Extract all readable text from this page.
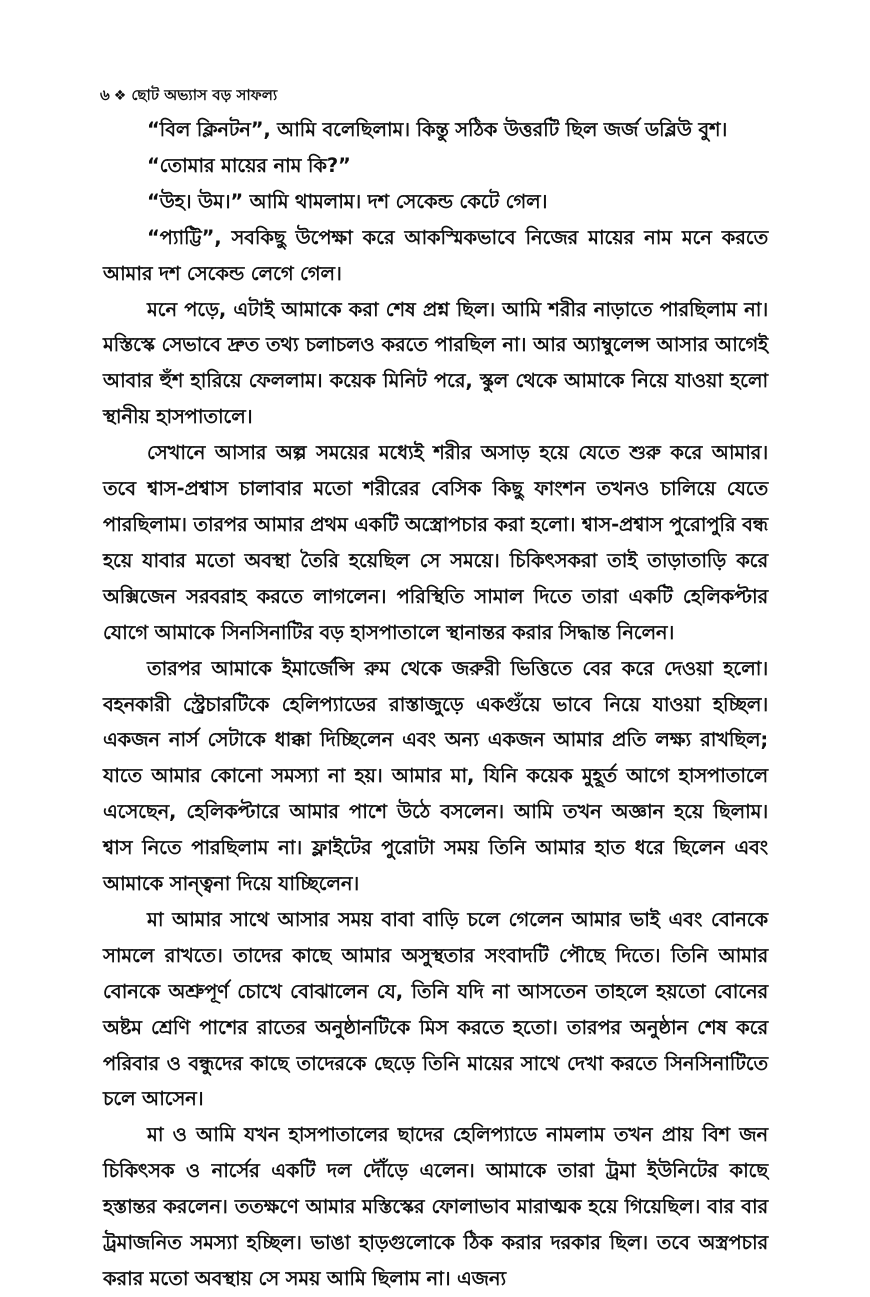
৬ ❖ ছোট অভ্যাস বড় সাফল্য

“বিল ক্লিনটন”, আমি বলেছিলাম। কিন্তু সঠিক উত্তরটি ছিল জর্জ ডব্লিউ বুশ।

“তোমার মায়ের নাম কি?”

“উহ। উম।” আমি থামলাম। দশ সেকেন্ড কেটে গেল।

“প্যাট্টি”, সবকিছু উপেক্ষা করে আকস্মিকভাবে নিজের মায়ের নাম মনে করতে আমার দশ সেকেন্ড লেগে গেল।

মনে পড়ে, এটাই আমাকে করা শেষ প্রশ্ন ছিল। আমি শরীর নাড়াতে পারছিলাম না। মস্তিস্কে সেভাবে দ্রুত তথ্য চলাচলও করতে পারছিল না। আর অ্যাম্বুলেন্স আসার আগেই আবার হুঁশ হারিয়ে ফেললাম। কয়েক মিনিট পরে, স্কুল থেকে আমাকে নিয়ে যাওয়া হলো স্থানীয় হাসপাতালে।

সেখানে আসার অল্প সময়ের মধ্যেই শরীর অসাড় হয়ে যেতে শুরু করে আমার। তবে শ্বাস-প্রশ্বাস চালাবার মতো শরীরের বেসিক কিছু ফাংশন তখনও চালিয়ে যেতে পারছিলাম। তারপর আমার প্রথম একটি অস্ত্রোপচার করা হলো। শ্বাস-প্রশ্বাস পুরোপুরি বন্ধ হয়ে যাবার মতো অবস্থা তৈরি হয়েছিল সে সময়ে। চিকিৎসকরা তাই তাড়াতাড়ি করে অক্সিজেন সরবরাহ করতে লাগলেন। পরিস্থিতি সামাল দিতে তারা একটি হেলিকপ্টার যোগে আমাকে সিনসিনাটির বড় হাসপাতালে স্থানান্তর করার সিদ্ধান্ত নিলেন।

তারপর আমাকে ইমার্জেন্সি রুম থেকে জরুরী ভিত্তিতে বের করে দেওয়া হলো। বহনকারী স্ট্রেচারটিকে হেলিপ্যাডের রাস্তাজুড়ে একগুঁয়ে ভাবে নিয়ে যাওয়া হচ্ছিল। একজন নার্স সেটাকে ধাক্কা দিচ্ছিলেন এবং অন্য একজন আমার প্রতি লক্ষ্য রাখছিল; যাতে আমার কোনো সমস্যা না হয়। আমার মা, যিনি কয়েক মুহূর্ত আগে হাসপাতালে এসেছেন, হেলিকপ্টারে আমার পাশে উঠে বসলেন। আমি তখন অজ্ঞান হয়ে ছিলাম। শ্বাস নিতে পারছিলাম না। ফ্লাইটের পুরোটা সময় তিনি আমার হাত ধরে ছিলেন এবং আমাকে সান্ত্বনা দিয়ে যাচ্ছিলেন।

মা আমার সাথে আসার সময় বাবা বাড়ি চলে গেলেন আমার ভাই এবং বোনকে সামলে রাখতে। তাদের কাছে আমার অসুস্থতার সংবাদটি পৌছে দিতে। তিনি আমার বোনকে অশ্রুপূর্ণ চোখে বোঝালেন যে, তিনি যদি না আসতেন তাহলে হয়তো বোনের অষ্টম শ্রেণি পাশের রাতের অনুষ্ঠানটিকে মিস করতে হতো। তারপর অনুষ্ঠান শেষ করে পরিবার ও বন্ধুদের কাছে তাদেরকে ছেড়ে তিনি মায়ের সাথে দেখা করতে সিনসিনাটিতে চলে আসেন।

মা ও আমি যখন হাসপাতালের ছাদের হেলিপ্যাডে নামলাম তখন প্রায় বিশ জন চিকিৎসক ও নার্সের একটি দল দৌঁড়ে এলেন। আমাকে তারা ট্রমা ইউনিটের কাছে হস্তান্তর করলেন। ততক্ষণে আমার মস্তিস্কের ফোলাভাব মারাত্মক হয়ে গিয়েছিল। বার বার ট্রমাজনিত সমস্যা হচ্ছিল। ভাঙা হাড়গুলোকে ঠিক করার দরকার ছিল। তবে অস্ত্রপচার করার মতো অবস্থায় সে সময় আমি ছিলাম না। এজন্য
